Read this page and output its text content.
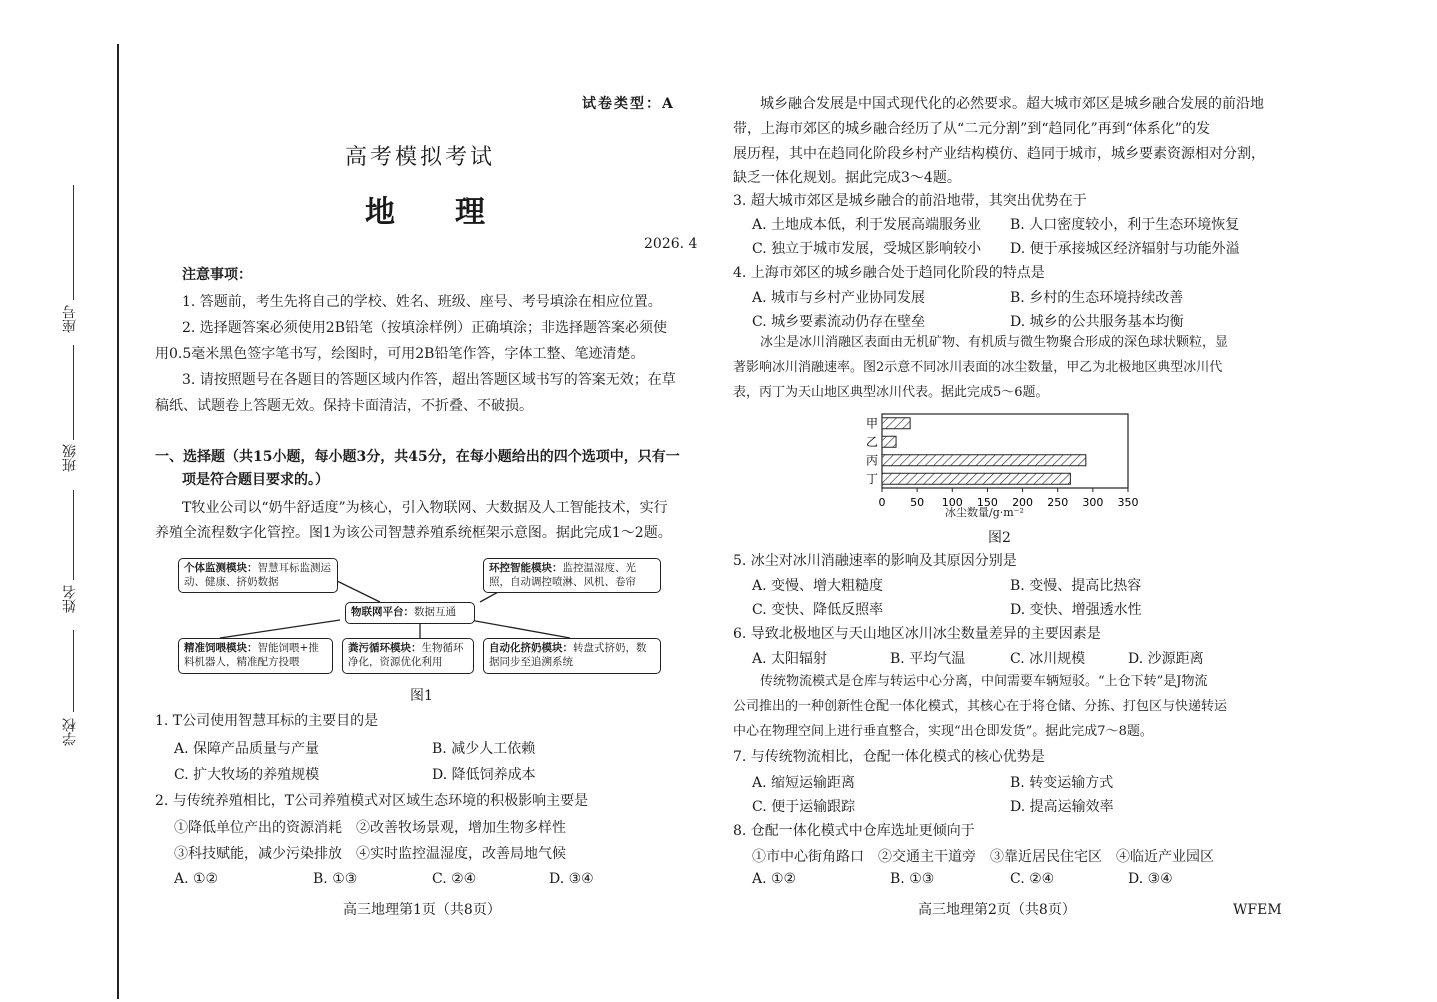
座号
班级
姓名
学校
试卷类型：A
高考模拟考试
地　　理
2026. 4
注意事项：
1. 答题前，考生先将自己的学校、姓名、班级、座号、考号填涂在相应位置。
2. 选择题答案必须使用2B铅笔（按填涂样例）正确填涂；非选择题答案必须使
用0.5毫米黑色签字笔书写，绘图时，可用2B铅笔作答，字体工整、笔迹清楚。
3. 请按照题号在各题目的答题区域内作答，超出答题区域书写的答案无效；在草
稿纸、试题卷上答题无效。保持卡面清洁，不折叠、不破损。
一、选择题（共15小题，每小题3分，共45分，在每小题给出的四个选项中，只有一
项是符合题目要求的。）
T牧业公司以“奶牛舒适度”为核心，引入物联网、大数据及人工智能技术，实行
养殖全流程数字化管控。图1为该公司智慧养殖系统框架示意图。据此完成1～2题。
个体监测模块：智慧耳标监测运动、健康、挤奶数据
环控智能模块：监控温湿度、光照，自动调控喷淋、风机、卷帘
物联网平台：数据互通
精准饲喂模块：智能饲喂+推料机器人，精准配方投喂
粪污循环模块：生物循环净化，资源优化利用
自动化挤奶模块：转盘式挤奶，数据同步至追溯系统
图1
1. T公司使用智慧耳标的主要目的是
A. 保障产品质量与产量	B. 减少人工依赖
C. 扩大牧场的养殖规模	D. 降低饲养成本
2. 与传统养殖相比，T公司养殖模式对区域生态环境的积极影响主要是
①降低单位产出的资源消耗　②改善牧场景观，增加生物多样性
③科技赋能，减少污染排放　④实时监控温湿度，改善局地气候
A. ①②	B. ①③	C. ②④	D. ③④
高三地理第1页（共8页）
城乡融合发展是中国式现代化的必然要求。超大城市郊区是城乡融合发展的前沿地
带，上海市郊区的城乡融合经历了从“二元分割”到“趋同化”再到“体系化”的发
展历程，其中在趋同化阶段乡村产业结构模仿、趋同于城市，城乡要素资源相对分割，
缺乏一体化规划。据此完成3～4题。
3. 超大城市郊区是城乡融合的前沿地带，其突出优势在于
A. 土地成本低，利于发展高端服务业 B. 人口密度较小，利于生态环境恢复
C. 独立于城市发展，受城区影响较小 D. 便于承接城区经济辐射与功能外溢
4. 上海市郊区的城乡融合处于趋同化阶段的特点是
A. 城市与乡村产业协同发展	B. 乡村的生态环境持续改善
C. 城乡要素流动仍存在壁垒	D. 城乡的公共服务基本均衡
冰尘是冰川消融区表面由无机矿物、有机质与微生物聚合形成的深色球状颗粒，显
著影响冰川消融速率。图2示意不同冰川表面的冰尘数量，甲乙为北极地区典型冰川代
表，丙丁为天山地区典型冰川代表。据此完成5～6题。
甲
乙
丙
丁
0 50 100 150 200 250 300 350
冰尘数量/g·m⁻²
图2
5. 冰尘对冰川消融速率的影响及其原因分别是
A. 变慢、增大粗糙度	B. 变慢、提高比热容
C. 变快、降低反照率	D. 变快、增强透水性
6. 导致北极地区与天山地区冰川冰尘数量差异的主要因素是
A. 太阳辐射	B. 平均气温	C. 冰川规模	D. 沙源距离
传统物流模式是仓库与转运中心分离，中间需要车辆短驳。“上仓下转”是J物流
公司推出的一种创新性仓配一体化模式，其核心在于将仓储、分拣、打包区与快递转运
中心在物理空间上进行垂直整合，实现“出仓即发货”。据此完成7～8题。
7. 与传统物流相比，仓配一体化模式的核心优势是
A. 缩短运输距离	B. 转变运输方式
C. 便于运输跟踪	D. 提高运输效率
8. 仓配一体化模式中仓库选址更倾向于
①市中心街角路口　②交通主干道旁　③靠近居民住宅区　④临近产业园区
A. ①②	B. ①③	C. ②④	D. ③④
高三地理第2页（共8页）	WFEM
